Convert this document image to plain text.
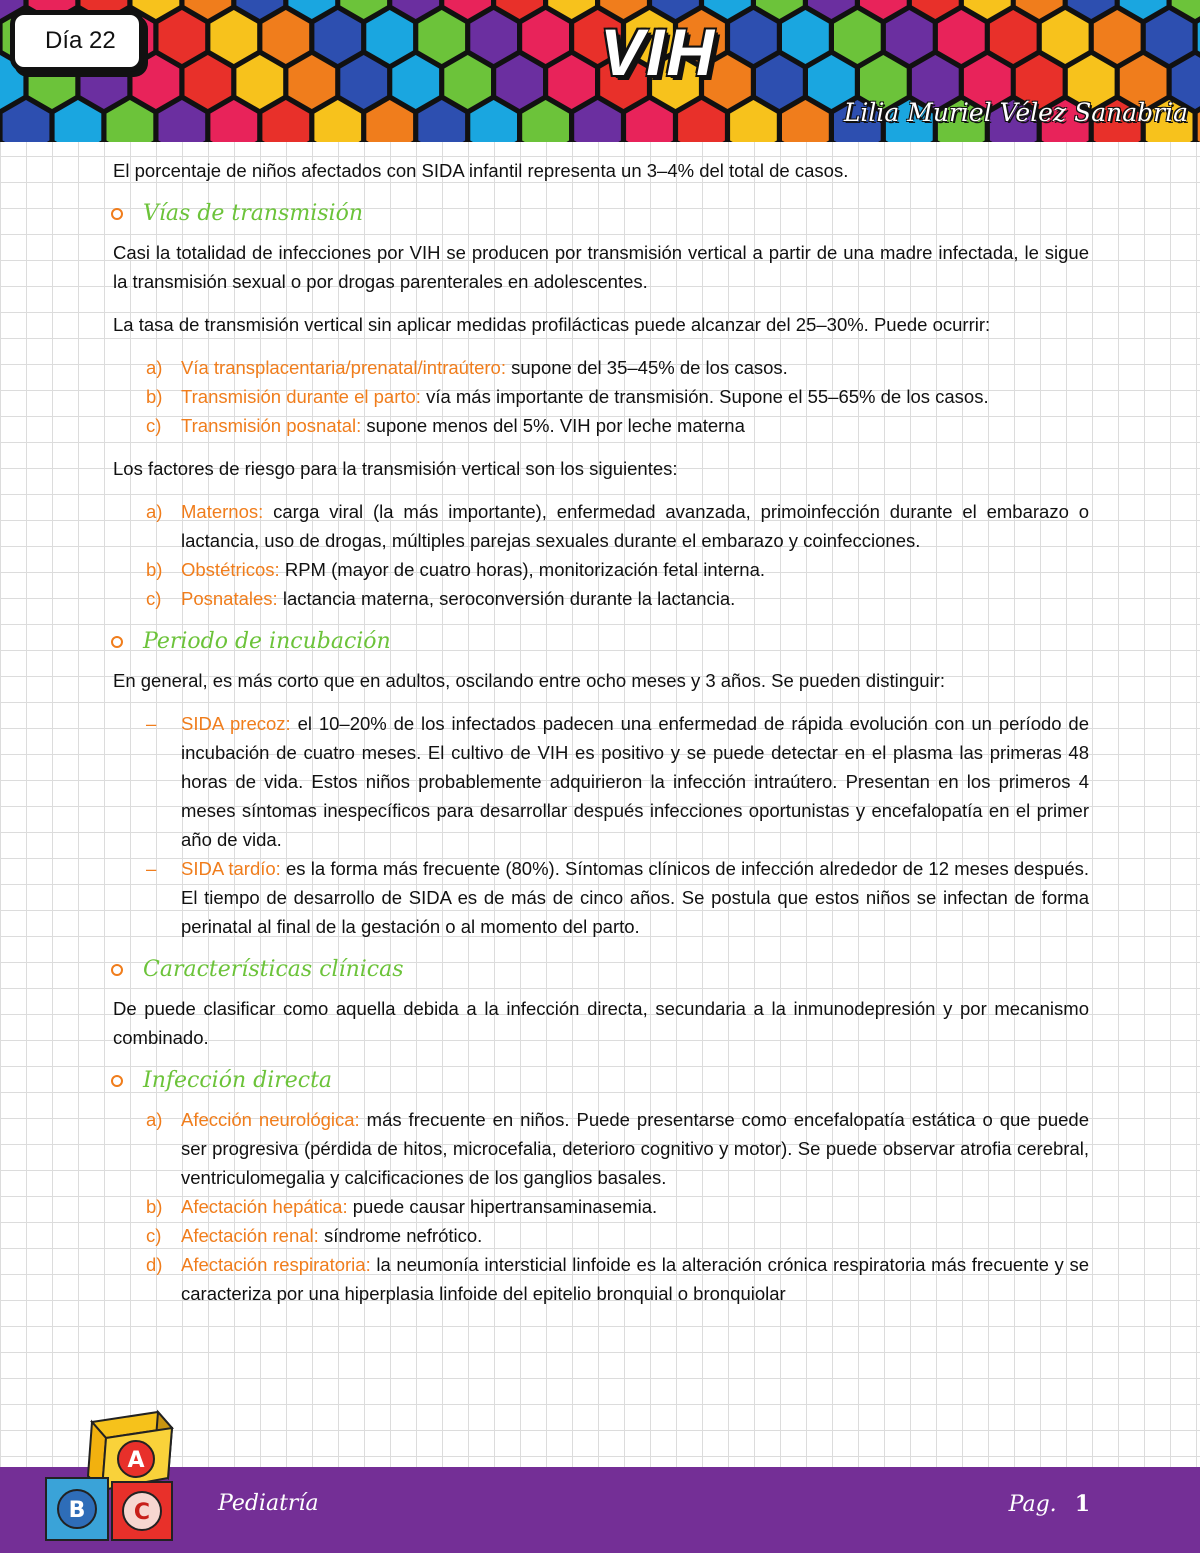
Día 22	VIH
Lilia Muriel Vélez Sanabria

El porcentaje de niños afectados con SIDA infantil representa un 3–4% del total de casos.

Vías de transmisión

Casi la totalidad de infecciones por VIH se producen por transmisión vertical a partir de una madre infectada, le sigue la transmisión sexual o por drogas parenterales en adolescentes.

La tasa de transmisión vertical sin aplicar medidas profilácticas puede alcanzar del 25–30%. Puede ocurrir:

a) Vía transplacentaria/prenatal/intraútero: supone del 35–45% de los casos.
b) Transmisión durante el parto: vía más importante de transmisión. Supone el 55–65% de los casos.
c) Transmisión posnatal: supone menos del 5%. VIH por leche materna

Los factores de riesgo para la transmisión vertical son los siguientes:

a) Maternos: carga viral (la más importante), enfermedad avanzada, primoinfección durante el embarazo o lactancia, uso de drogas, múltiples parejas sexuales durante el embarazo y coinfecciones.
b) Obstétricos: RPM (mayor de cuatro horas), monitorización fetal interna.
c) Posnatales: lactancia materna, seroconversión durante la lactancia.
Periodo de incubación

En general, es más corto que en adultos, oscilando entre ocho meses y 3 años. Se pueden distinguir:

– SIDA precoz: el 10–20% de los infectados padecen una enfermedad de rápida evolución con un período de incubación de cuatro meses. El cultivo de VIH es positivo y se puede detectar en el plasma las primeras 48 horas de vida. Estos niños probablemente adquirieron la infección intraútero. Presentan en los primeros 4 meses síntomas inespecíficos para desarrollar después infecciones oportunistas y encefalopatía en el primer año de vida.
– SIDA tardío: es la forma más frecuente (80%). Síntomas clínicos de infección alrededor de 12 meses después. El tiempo de desarrollo de SIDA es de más de cinco años. Se postula que estos niños se infectan de forma perinatal al final de la gestación o al momento del parto.
Características clínicas

De puede clasificar como aquella debida a la infección directa, secundaria a la inmunodepresión y por mecanismo combinado.

Infección directa
a) Afección neurológica: más frecuente en niños. Puede presentarse como encefalopatía estática o que puede ser progresiva (pérdida de hitos, microcefalia, deterioro cognitivo y motor). Se puede observar atrofia cerebral, ventriculomegalia y calcificaciones de los ganglios basales.
b) Afectación hepática: puede causar hipertransaminasemia.
c) Afectación renal: síndrome nefrótico.
d) Afectación respiratoria: la neumonía intersticial linfoide es la alteración crónica respiratoria más frecuente y se caracteriza por una hiperplasia linfoide del epitelio bronquial o bronquiolar
Pediatría	Pag. 1
A
B C
